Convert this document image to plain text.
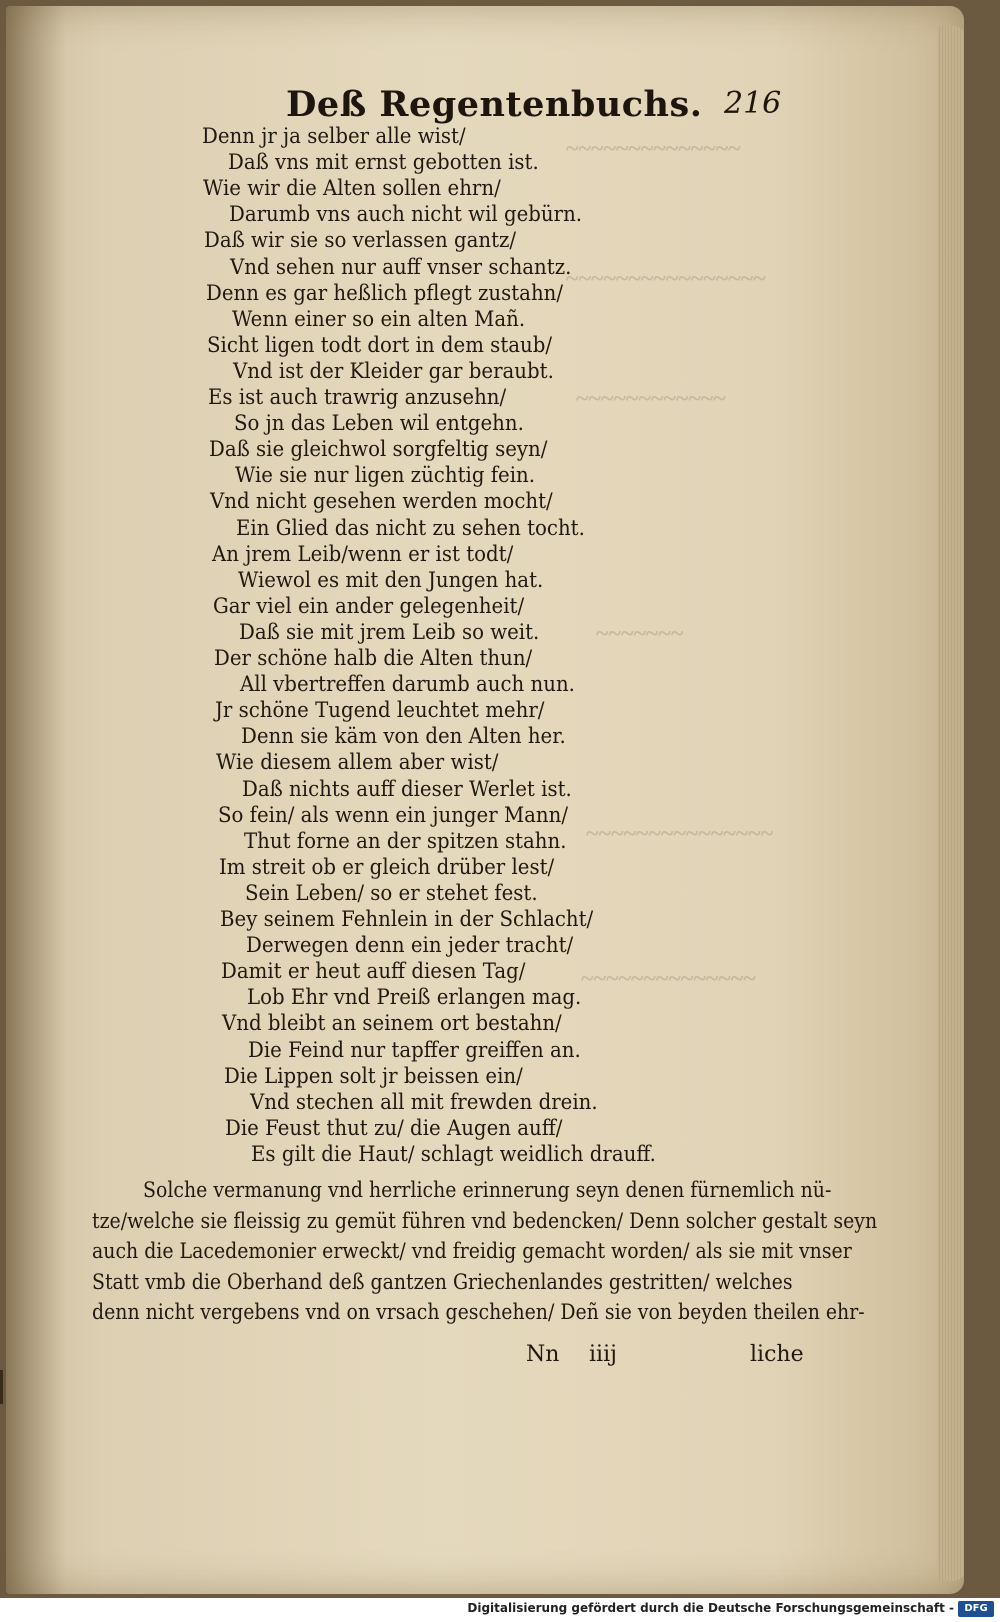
~~~~~~~~~~~~~~
~~~~~~~~~~~~~~~~
~~~~~~~~~~~~
~~~~~~~
~~~~~~~~~~~~~~~
~~~~~~~~~~~~~~
Deß Regentenbuchs. 216
Denn jr ja selber alle wist/
Daß vns mit ernst gebotten ist.
Wie wir die Alten sollen ehrn/
Darumb vns auch nicht wil gebürn.
Daß wir sie so verlassen gantz/
Vnd sehen nur auff vnser schantz.
Denn es gar heßlich pflegt zustahn/
Wenn einer so ein alten Mañ.
Sicht ligen todt dort in dem staub/
Vnd ist der Kleider gar beraubt.
Es ist auch trawrig anzusehn/
So jn das Leben wil entgehn.
Daß sie gleichwol sorgfeltig seyn/
Wie sie nur ligen züchtig fein.
Vnd nicht gesehen werden mocht/
Ein Glied das nicht zu sehen tocht.
An jrem Leib/wenn er ist todt/
Wiewol es mit den Jungen hat.
Gar viel ein ander gelegenheit/
Daß sie mit jrem Leib so weit.
Der schöne halb die Alten thun/
All vbertreffen darumb auch nun.
Jr schöne Tugend leuchtet mehr/
Denn sie käm von den Alten her.
Wie diesem allem aber wist/
Daß nichts auff dieser Werlet ist.
So fein/ als wenn ein junger Mann/
Thut forne an der spitzen stahn.
Im streit ob er gleich drüber lest/
Sein Leben/ so er stehet fest.
Bey seinem Fehnlein in der Schlacht/
Derwegen denn ein jeder tracht/
Damit er heut auff diesen Tag/
Lob Ehr vnd Preiß erlangen mag.
Vnd bleibt an seinem ort bestahn/
Die Feind nur tapffer greiffen an.
Die Lippen solt jr beissen ein/
Vnd stechen all mit frewden drein.
Die Feust thut zu/ die Augen auff/
Es gilt die Haut/ schlagt weidlich drauff.
Solche vermanung vnd herrliche erinnerung seyn denen fürnemlich nü-
tze/welche sie fleissig zu gemüt führen vnd bedencken/ Denn solcher gestalt seyn
auch die Lacedemonier erweckt/ vnd freidig gemacht worden/ als sie mit vnser
Statt vmb die Oberhand deß gantzen Griechenlandes gestritten/ welches
denn nicht vergebens vnd on vrsach geschehen/ Deñ sie von beyden theilen ehr-
Nn iiij	liche
Digitalisierung gefördert durch die Deutsche Forschungsgemeinschaft -	DFG
